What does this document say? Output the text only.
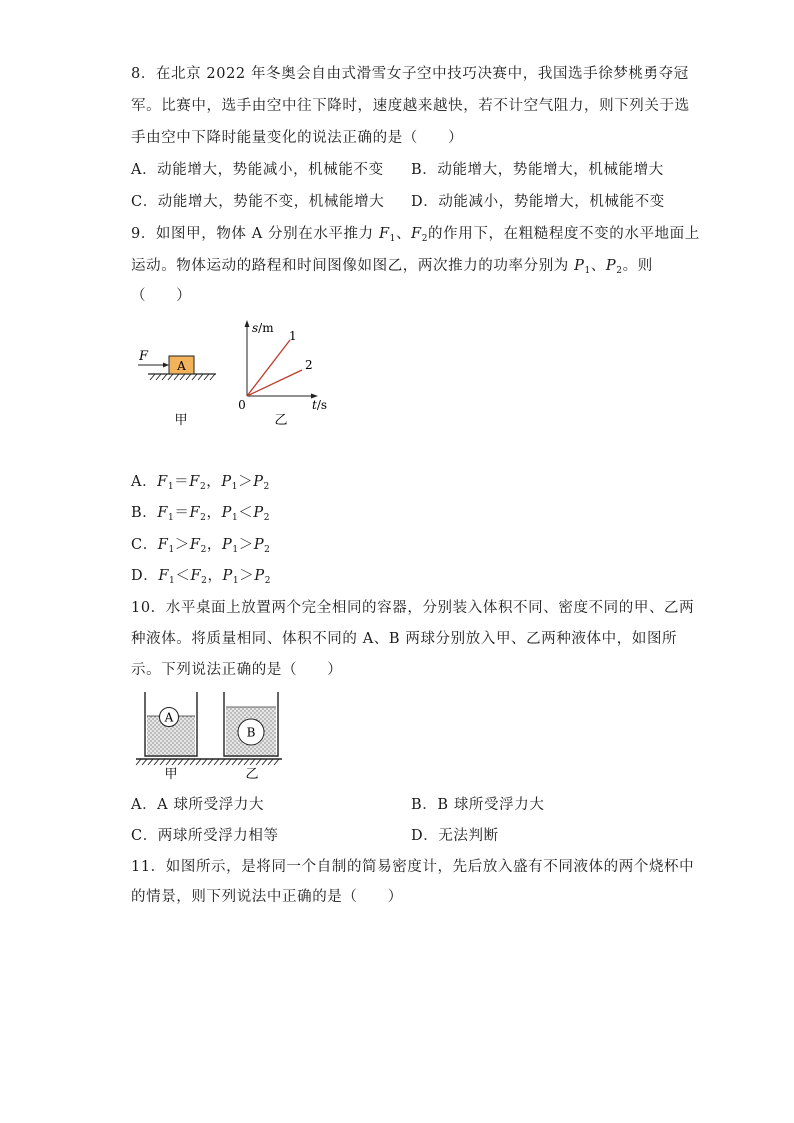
8．在北京 2022 年冬奥会自由式滑雪女子空中技巧决赛中，我国选手徐梦桃勇夺冠
军。比赛中，选手由空中往下降时，速度越来越快，若不计空气阻力，则下列关于选
手由空中下降时能量变化的说法正确的是（　　）
A．动能增大，势能减小，机械能不变 B．动能增大，势能增大，机械能增大
C．动能增大，势能不变，机械能增大 D．动能减小，势能增大，机械能不变
9．如图甲，物体 A 分别在水平推力 $F_1$、$F_2$的作用下，在粗糙程度不变的水平地面上
运动。物体运动的路程和时间图像如图乙，两次推力的功率分别为 $P_1$、$P_2$。则
（　　）
A
F
甲
s/m
1
2
0	t/s
乙
A．$F_1=F_2$，$P_1>P_2$
B．$F_1=F_2$，$P_1<P_2$
C．$F_1>F_2$，$P_1>P_2$
D．$F_1<F_2$，$P_1>P_2$
10．水平桌面上放置两个完全相同的容器，分别装入体积不同、密度不同的甲、乙两
种液体。将质量相同、体积不同的 A、B 两球分别放入甲、乙两种液体中，如图所
示。下列说法正确的是（　　）
A
B
甲	乙
A．A 球所受浮力大	B．B 球所受浮力大
C．两球所受浮力相等	D．无法判断
11．如图所示，是将同一个自制的简易密度计，先后放入盛有不同液体的两个烧杯中
的情景，则下列说法中正确的是（　　）
